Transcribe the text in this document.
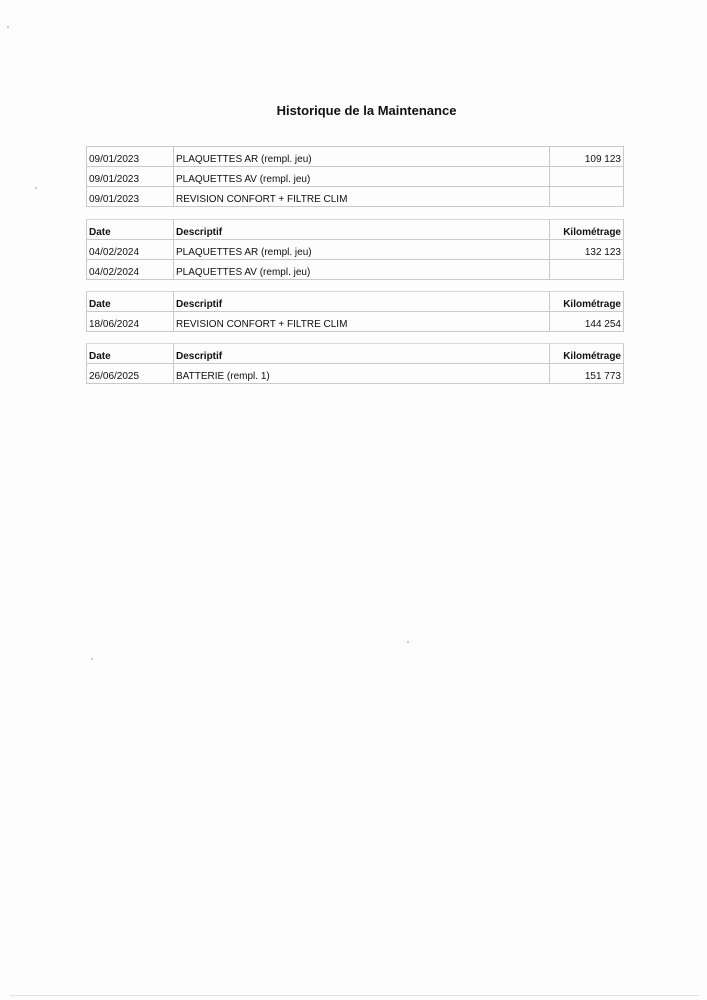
Historique de la Maintenance
09/01/2023	PLAQUETTES AR (rempl. jeu)	109 123
09/01/2023	PLAQUETTES AV (rempl. jeu)	
09/01/2023	REVISION CONFORT + FILTRE CLIM	
Date	Descriptif	Kilométrage
04/02/2024	PLAQUETTES AR (rempl. jeu)	132 123
04/02/2024	PLAQUETTES AV (rempl. jeu)	
Date	Descriptif	Kilométrage
18/06/2024	REVISION CONFORT + FILTRE CLIM	144 254
Date	Descriptif	Kilométrage
26/06/2025	BATTERIE (rempl. 1)	151 773
